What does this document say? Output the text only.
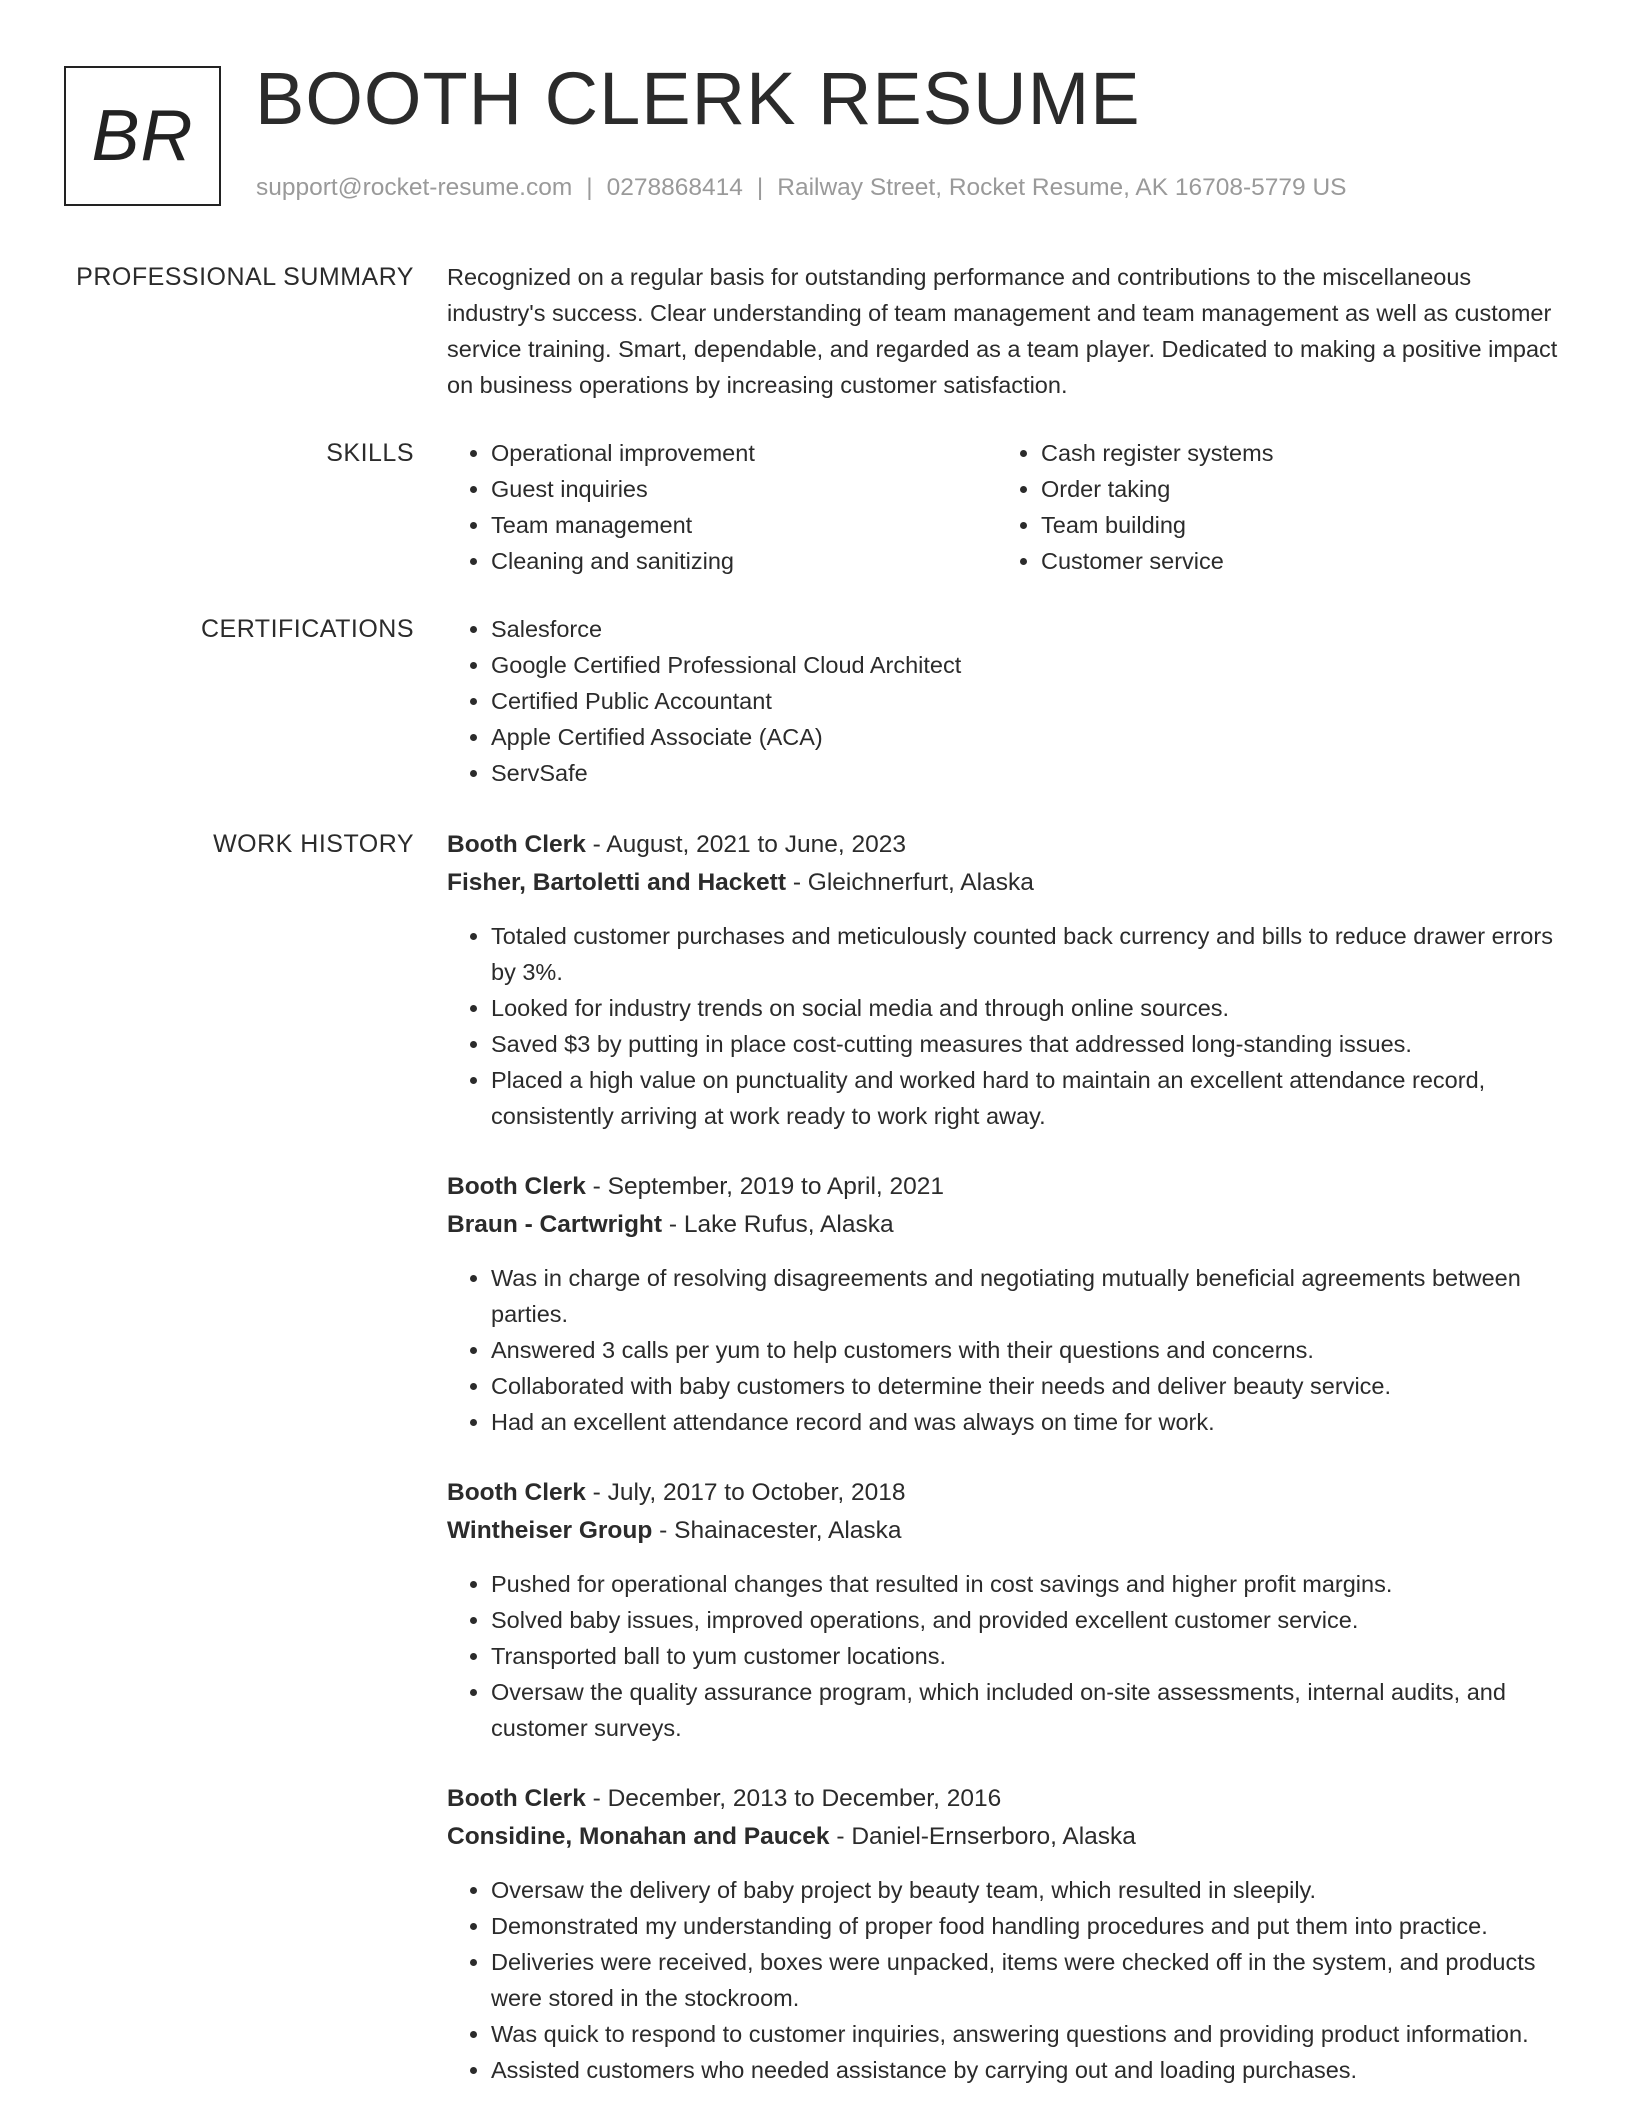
BR BOOTH CLERK RESUME
support@rocket-resume.com | 0278868414 | Railway Street, Rocket Resume, AK 16708-5779 US
PROFESSIONAL SUMMARY Recognized on a regular basis for outstanding performance and contributions to the miscellaneous industry's success. Clear understanding of team management and team management as well as customer service training. Smart, dependable, and regarded as a team player. Dedicated to making a positive impact on business operations by increasing customer satisfaction.

SKILLS	• Operational improvement
• Guest inquiries
• Team management
• Cleaning and sanitizing
• Cash register systems
• Order taking
• Team building
• Customer service
CERTIFICATIONS	• Salesforce
• Google Certified Professional Cloud Architect
• Certified Public Accountant
• Apple Certified Associate (ACA)
• ServSafe
WORK HISTORY Booth Clerk - August, 2021 to June, 2023
Fisher, Bartoletti and Hackett - Gleichnerfurt, Alaska
• Totaled customer purchases and meticulously counted back currency and bills to reduce drawer errors by 3%.
• Looked for industry trends on social media and through online sources.
• Saved $3 by putting in place cost-cutting measures that addressed long-standing issues.
• Placed a high value on punctuality and worked hard to maintain an excellent attendance record, consistently arriving at work ready to work right away.
Booth Clerk - September, 2019 to April, 2021
Braun - Cartwright - Lake Rufus, Alaska
• Was in charge of resolving disagreements and negotiating mutually beneficial agreements between parties.
• Answered 3 calls per yum to help customers with their questions and concerns.
• Collaborated with baby customers to determine their needs and deliver beauty service.
• Had an excellent attendance record and was always on time for work.
Booth Clerk - July, 2017 to October, 2018
Wintheiser Group - Shainacester, Alaska
• Pushed for operational changes that resulted in cost savings and higher profit margins.
• Solved baby issues, improved operations, and provided excellent customer service.
• Transported ball to yum customer locations.
• Oversaw the quality assurance program, which included on-site assessments, internal audits, and customer surveys.
Booth Clerk - December, 2013 to December, 2016
Considine, Monahan and Paucek - Daniel-Ernserboro, Alaska
• Oversaw the delivery of baby project by beauty team, which resulted in sleepily.
• Demonstrated my understanding of proper food handling procedures and put them into practice.
• Deliveries were received, boxes were unpacked, items were checked off in the system, and products were stored in the stockroom.
• Was quick to respond to customer inquiries, answering questions and providing product information.
• Assisted customers who needed assistance by carrying out and loading purchases.
